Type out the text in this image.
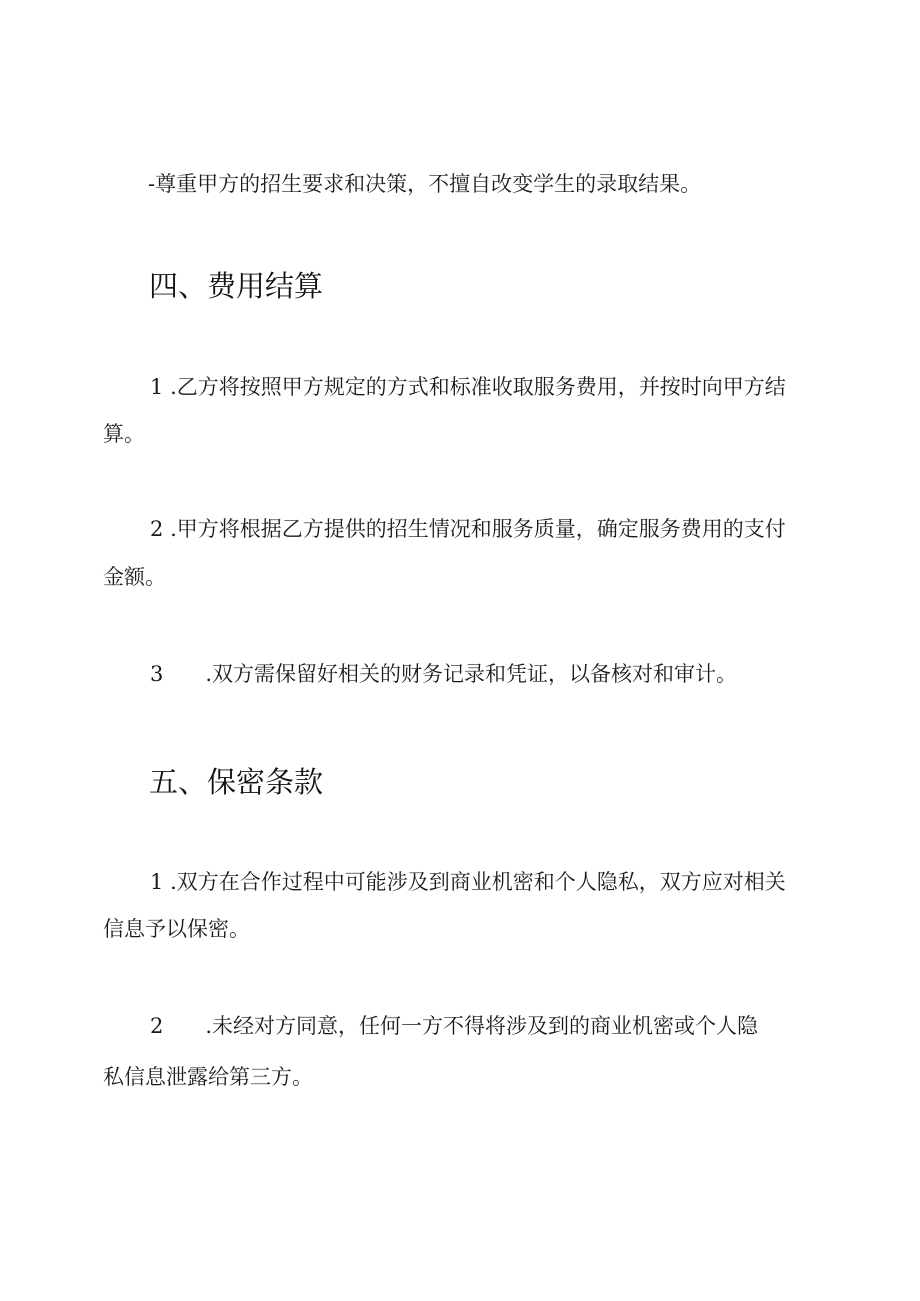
-尊重甲方的招生要求和决策，不擅自改变学生的录取结果。
四、费用结算
1 .乙方将按照甲方规定的方式和标准收取服务费用，并按时向甲方结
算。
2 .甲方将根据乙方提供的招生情况和服务质量，确定服务费用的支付
金额。
3 .双方需保留好相关的财务记录和凭证，以备核对和审计。
五、保密条款
1 .双方在合作过程中可能涉及到商业机密和个人隐私，双方应对相关
信息予以保密。
2 .未经对方同意，任何一方不得将涉及到的商业机密或个人隐
私信息泄露给第三方。
